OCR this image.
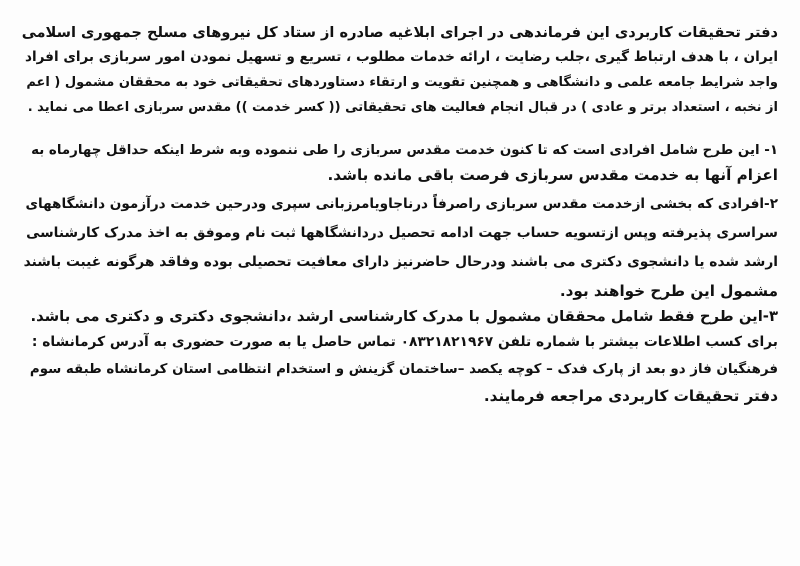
دفتر تحقیقات کاربردی این فرماندهی در اجرای ابلاغیه صادره از ستاد کل نیروهای مسلح جمهوری اسلامی
ایران ، با هدف ارتباط گیری ،جلب رضایت ، ارائه خدمات مطلوب ، تسریع و تسهیل نمودن امور سربازی برای افراد
واجد شرایط جامعه علمی و دانشگاهی و همچنین تقویت و ارتقاء دستاوردهای تحقیقاتی خود به محققان مشمول ( اعم
از نخبه ، استعداد برتر و عادی ) در قبال انجام فعالیت های تحقیقاتی (( کسر خدمت )) مقدس سربازی اعطا می نماید .
۱- این طرح شامل افرادی است که تا کنون خدمت مقدس سربازی را طی ننموده وبه شرط اینکه حداقل چهارماه به
اعزام آنها به خدمت مقدس سربازی فرصت باقی مانده باشد.
۲-افرادی که بخشی ازخدمت مقدس سربازی راصرفاً درناجاویامرزبانی سپری ودرحین خدمت درآزمون دانشگاههای
سراسری پذیرفته وپس ازتسویه حساب جهت ادامه تحصیل دردانشگاهها ثبت نام وموفق به اخذ مدرک کارشناسی
ارشد شده یا دانشجوی دکتری می باشند ودرحال حاضرنیز دارای معافیت تحصیلی بوده وفاقد هرگونه غیبت باشند
مشمول این طرح خواهند بود.
۳-این طرح فقط شامل محققان مشمول با مدرک کارشناسی ارشد ،دانشجوی دکتری و دکتری می باشد.
برای کسب اطلاعات بیشتر با شماره تلفن ۰۸۳۲۱۸۲۱۹۶۷ تماس حاصل یا به صورت حضوری به آدرس کرمانشاه :
فرهنگیان فاز دو بعد از پارک فدک – کوچه یکصد –ساختمان گزینش و استخدام انتظامی استان کرمانشاه طبقه سوم
دفتر تحقیقات کاربردی مراجعه فرمایند.
